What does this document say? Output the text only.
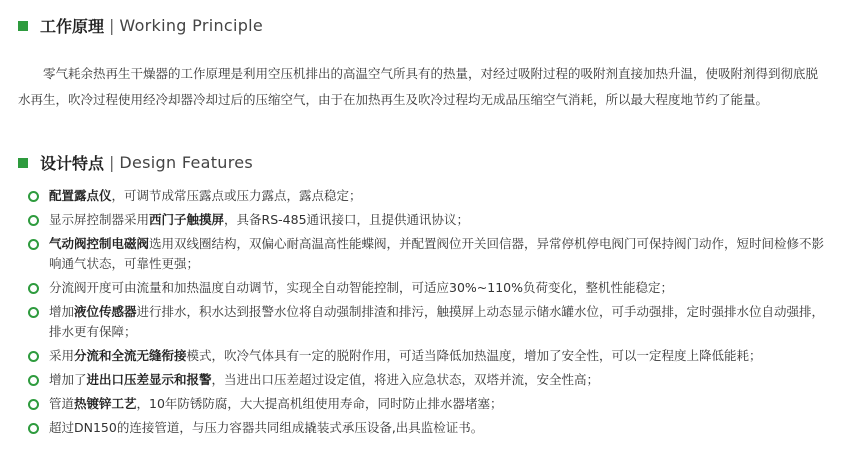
工作原理 | Working Principle

零气耗余热再生干燥器的工作原理是利用空压机排出的高温空气所具有的热量，对经过吸附过程的吸附剂直接加热升温，使吸附剂得到彻底脱水再生，吹冷过程使用经冷却器冷却过后的压缩空气，由于在加热再生及吹冷过程均无成品压缩空气消耗，所以最大程度地节约了能量。

设计特点 | Design Features
配置露点仪，可调节成常压露点或压力露点，露点稳定；
显示屏控制器采用西门子触摸屏，具备RS-485通讯接口，且提供通讯协议；
气动阀控制电磁阀选用双线圈结构，双偏心耐高温高性能蝶阀，并配置阀位开关回信器，异常停机停电阀门可保持阀门动作，短时间检修不影响通气状态，可靠性更强；
分流阀开度可由流量和加热温度自动调节，实现全自动智能控制，可适应30%~110%负荷变化，整机性能稳定；
增加液位传感器进行排水，积水达到报警水位将自动强制排渣和排污，触摸屏上动态显示储水罐水位，可手动强排，定时强排水位自动强排，排水更有保障；
采用分流和全流无缝衔接模式，吹冷气体具有一定的脱附作用，可适当降低加热温度，增加了安全性，可以一定程度上降低能耗；
增加了进出口压差显示和报警，当进出口压差超过设定值，将进入应急状态，双塔并流，安全性高；
管道热镀锌工艺，10年防锈防腐，大大提高机组使用寿命，同时防止排水器堵塞；
超过DN150的连接管道，与压力容器共同组成撬装式承压设备,出具监检证书。
